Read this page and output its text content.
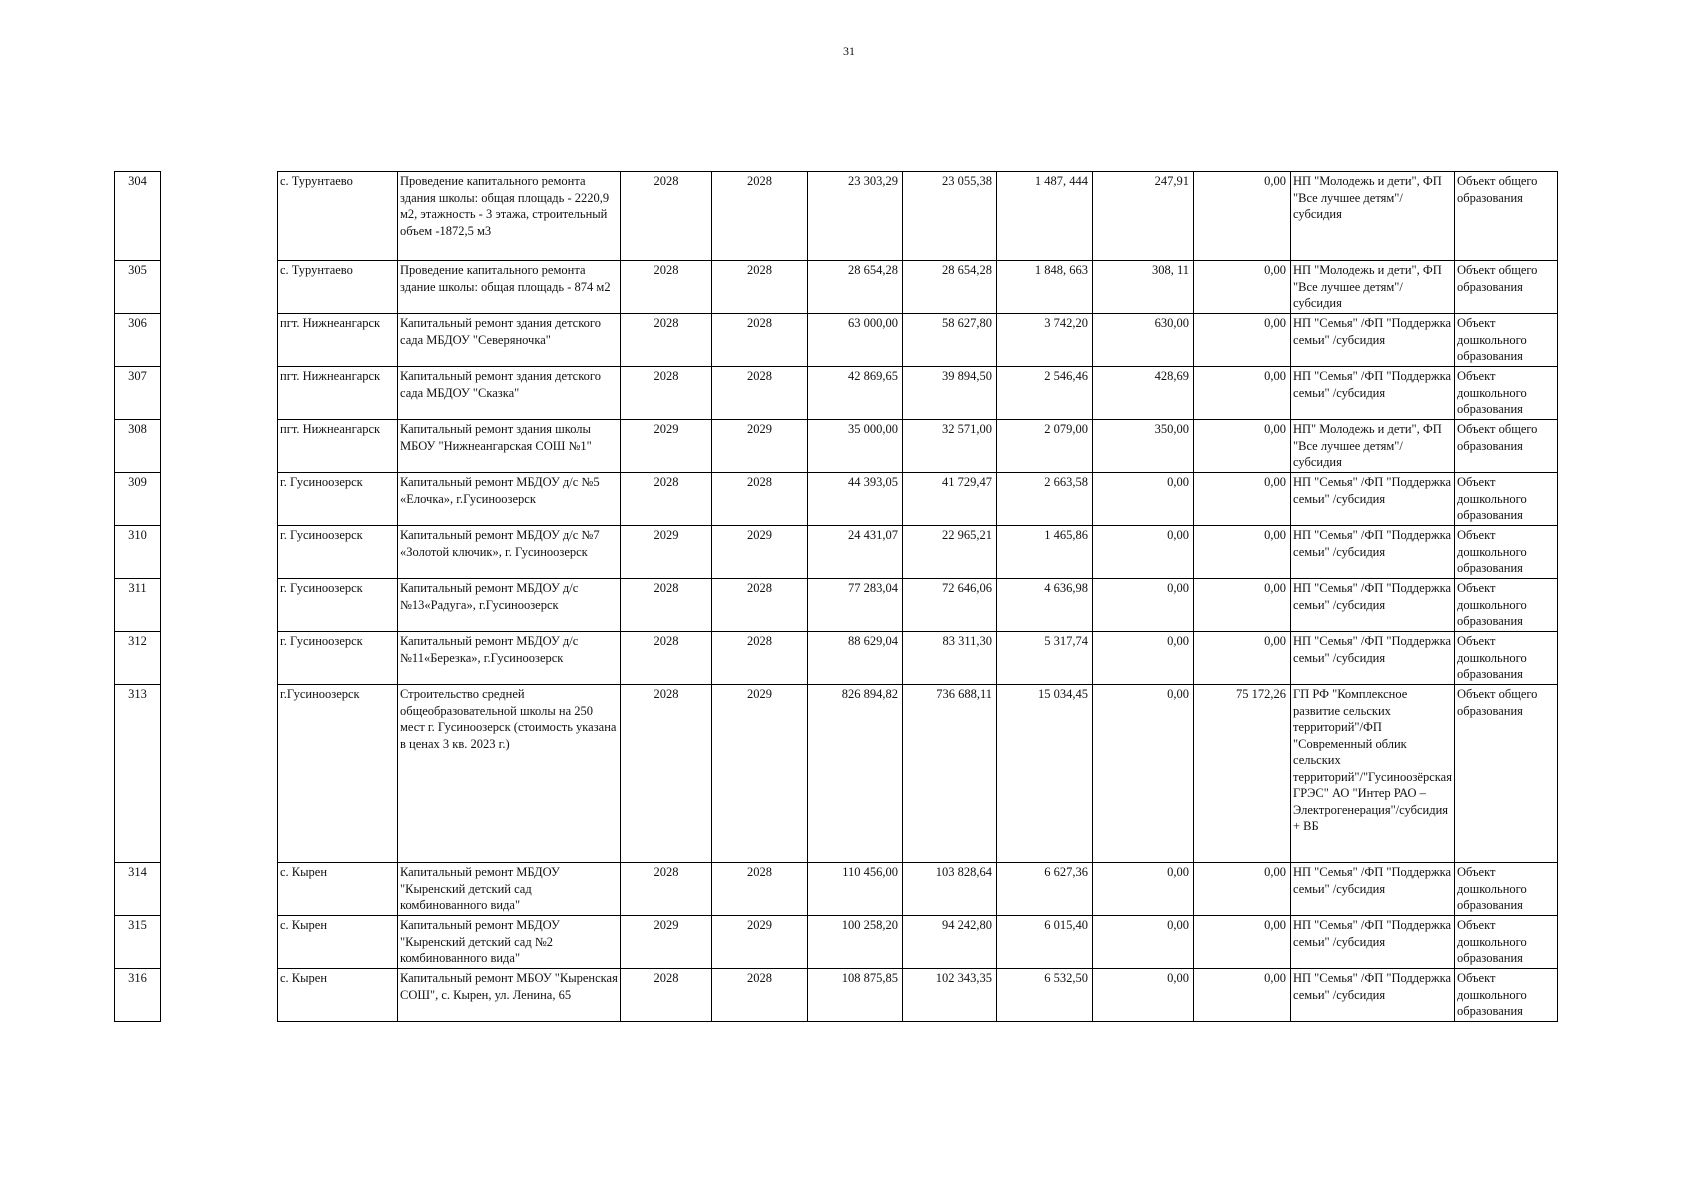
31
304		с. Турунтаево	Проведение капитального ремонта здания школы: общая площадь - 2220,9 м2, этажность - 3 этажа, строительный объем -1872,5 м3	2028	2028	23 303,29	23 055,38	1 487, 444	247,91	0,00	НП "Молодежь и дети", ФП "Все лучшее детям"/ субсидия	Объект общего образования
305		с. Турунтаево	Проведение капитального ремонта здание школы: общая площадь - 874 м2	2028	2028	28 654,28	28 654,28	1 848, 663	308, 11	0,00	НП "Молодежь и дети", ФП "Все лучшее детям"/ субсидия	Объект общего образования
306		пгт. Нижнеангарск	Капитальный ремонт здания детского сада МБДОУ "Северяночка"	2028	2028	63 000,00	58 627,80	3 742,20	630,00	0,00	НП "Семья" /ФП "Поддержка семьи" /субсидия	Объект дошкольного образования
307		пгт. Нижнеангарск	Капитальный ремонт здания детского сада МБДОУ "Сказка"	2028	2028	42 869,65	39 894,50	2 546,46	428,69	0,00	НП "Семья" /ФП "Поддержка семьи" /субсидия	Объект дошкольного образования
308		пгт. Нижнеангарск	Капитальный ремонт здания школы МБОУ "Нижнеангарская СОШ №1"	2029	2029	35 000,00	32 571,00	2 079,00	350,00	0,00	НП" Молодежь и дети", ФП "Все лучшее детям"/ субсидия	Объект общего образования
309		г. Гусиноозерск	Капитальный ремонт МБДОУ д/с №5 «Елочка», г.Гусиноозерск	2028	2028	44 393,05	41 729,47	2 663,58	0,00	0,00	НП "Семья" /ФП "Поддержка семьи" /субсидия	Объект дошкольного образования
310		г. Гусиноозерск	Капитальный ремонт МБДОУ д/с №7 «Золотой ключик», г. Гусиноозерск	2029	2029	24 431,07	22 965,21	1 465,86	0,00	0,00	НП "Семья" /ФП "Поддержка семьи" /субсидия	Объект дошкольного образования
311		г. Гусиноозерск	Капитальный ремонт МБДОУ д/с №13«Радуга», г.Гусиноозерск	2028	2028	77 283,04	72 646,06	4 636,98	0,00	0,00	НП "Семья" /ФП "Поддержка семьи" /субсидия	Объект дошкольного образования
312		г. Гусиноозерск	Капитальный ремонт МБДОУ д/с №11«Березка», г.Гусиноозерск	2028	2028	88 629,04	83 311,30	5 317,74	0,00	0,00	НП "Семья" /ФП "Поддержка семьи" /субсидия	Объект дошкольного образования
313		г.Гусиноозерск	Строительство средней общеобразовательной школы на 250 мест г. Гусиноозерск (стоимость указана в ценах 3 кв. 2023 г.)	2028	2029	826 894,82	736 688,11	15 034,45	0,00	75 172,26	ГП РФ "Комплексное развитие сельских территорий"/ФП "Современный облик сельских территорий"/"Гусиноозёрская ГРЭС" АО "Интер РАО – Электрогенерация"/субсидия + ВБ	Объект общего образования
314		с. Кырен	Капитальный ремонт МБДОУ "Кыренский детский сад комбинованного вида"	2028	2028	110 456,00	103 828,64	6 627,36	0,00	0,00	НП "Семья" /ФП "Поддержка семьи" /субсидия	Объект дошкольного образования
315		с. Кырен	Капитальный ремонт МБДОУ "Кыренский детский сад №2 комбинованного вида"	2029	2029	100 258,20	94 242,80	6 015,40	0,00	0,00	НП "Семья" /ФП "Поддержка семьи" /субсидия	Объект дошкольного образования
316		с. Кырен	Капитальный ремонт МБОУ "Кыренская СОШ", с. Кырен, ул. Ленина, 65	2028	2028	108 875,85	102 343,35	6 532,50	0,00	0,00	НП "Семья" /ФП "Поддержка семьи" /субсидия	Объект дошкольного образования
